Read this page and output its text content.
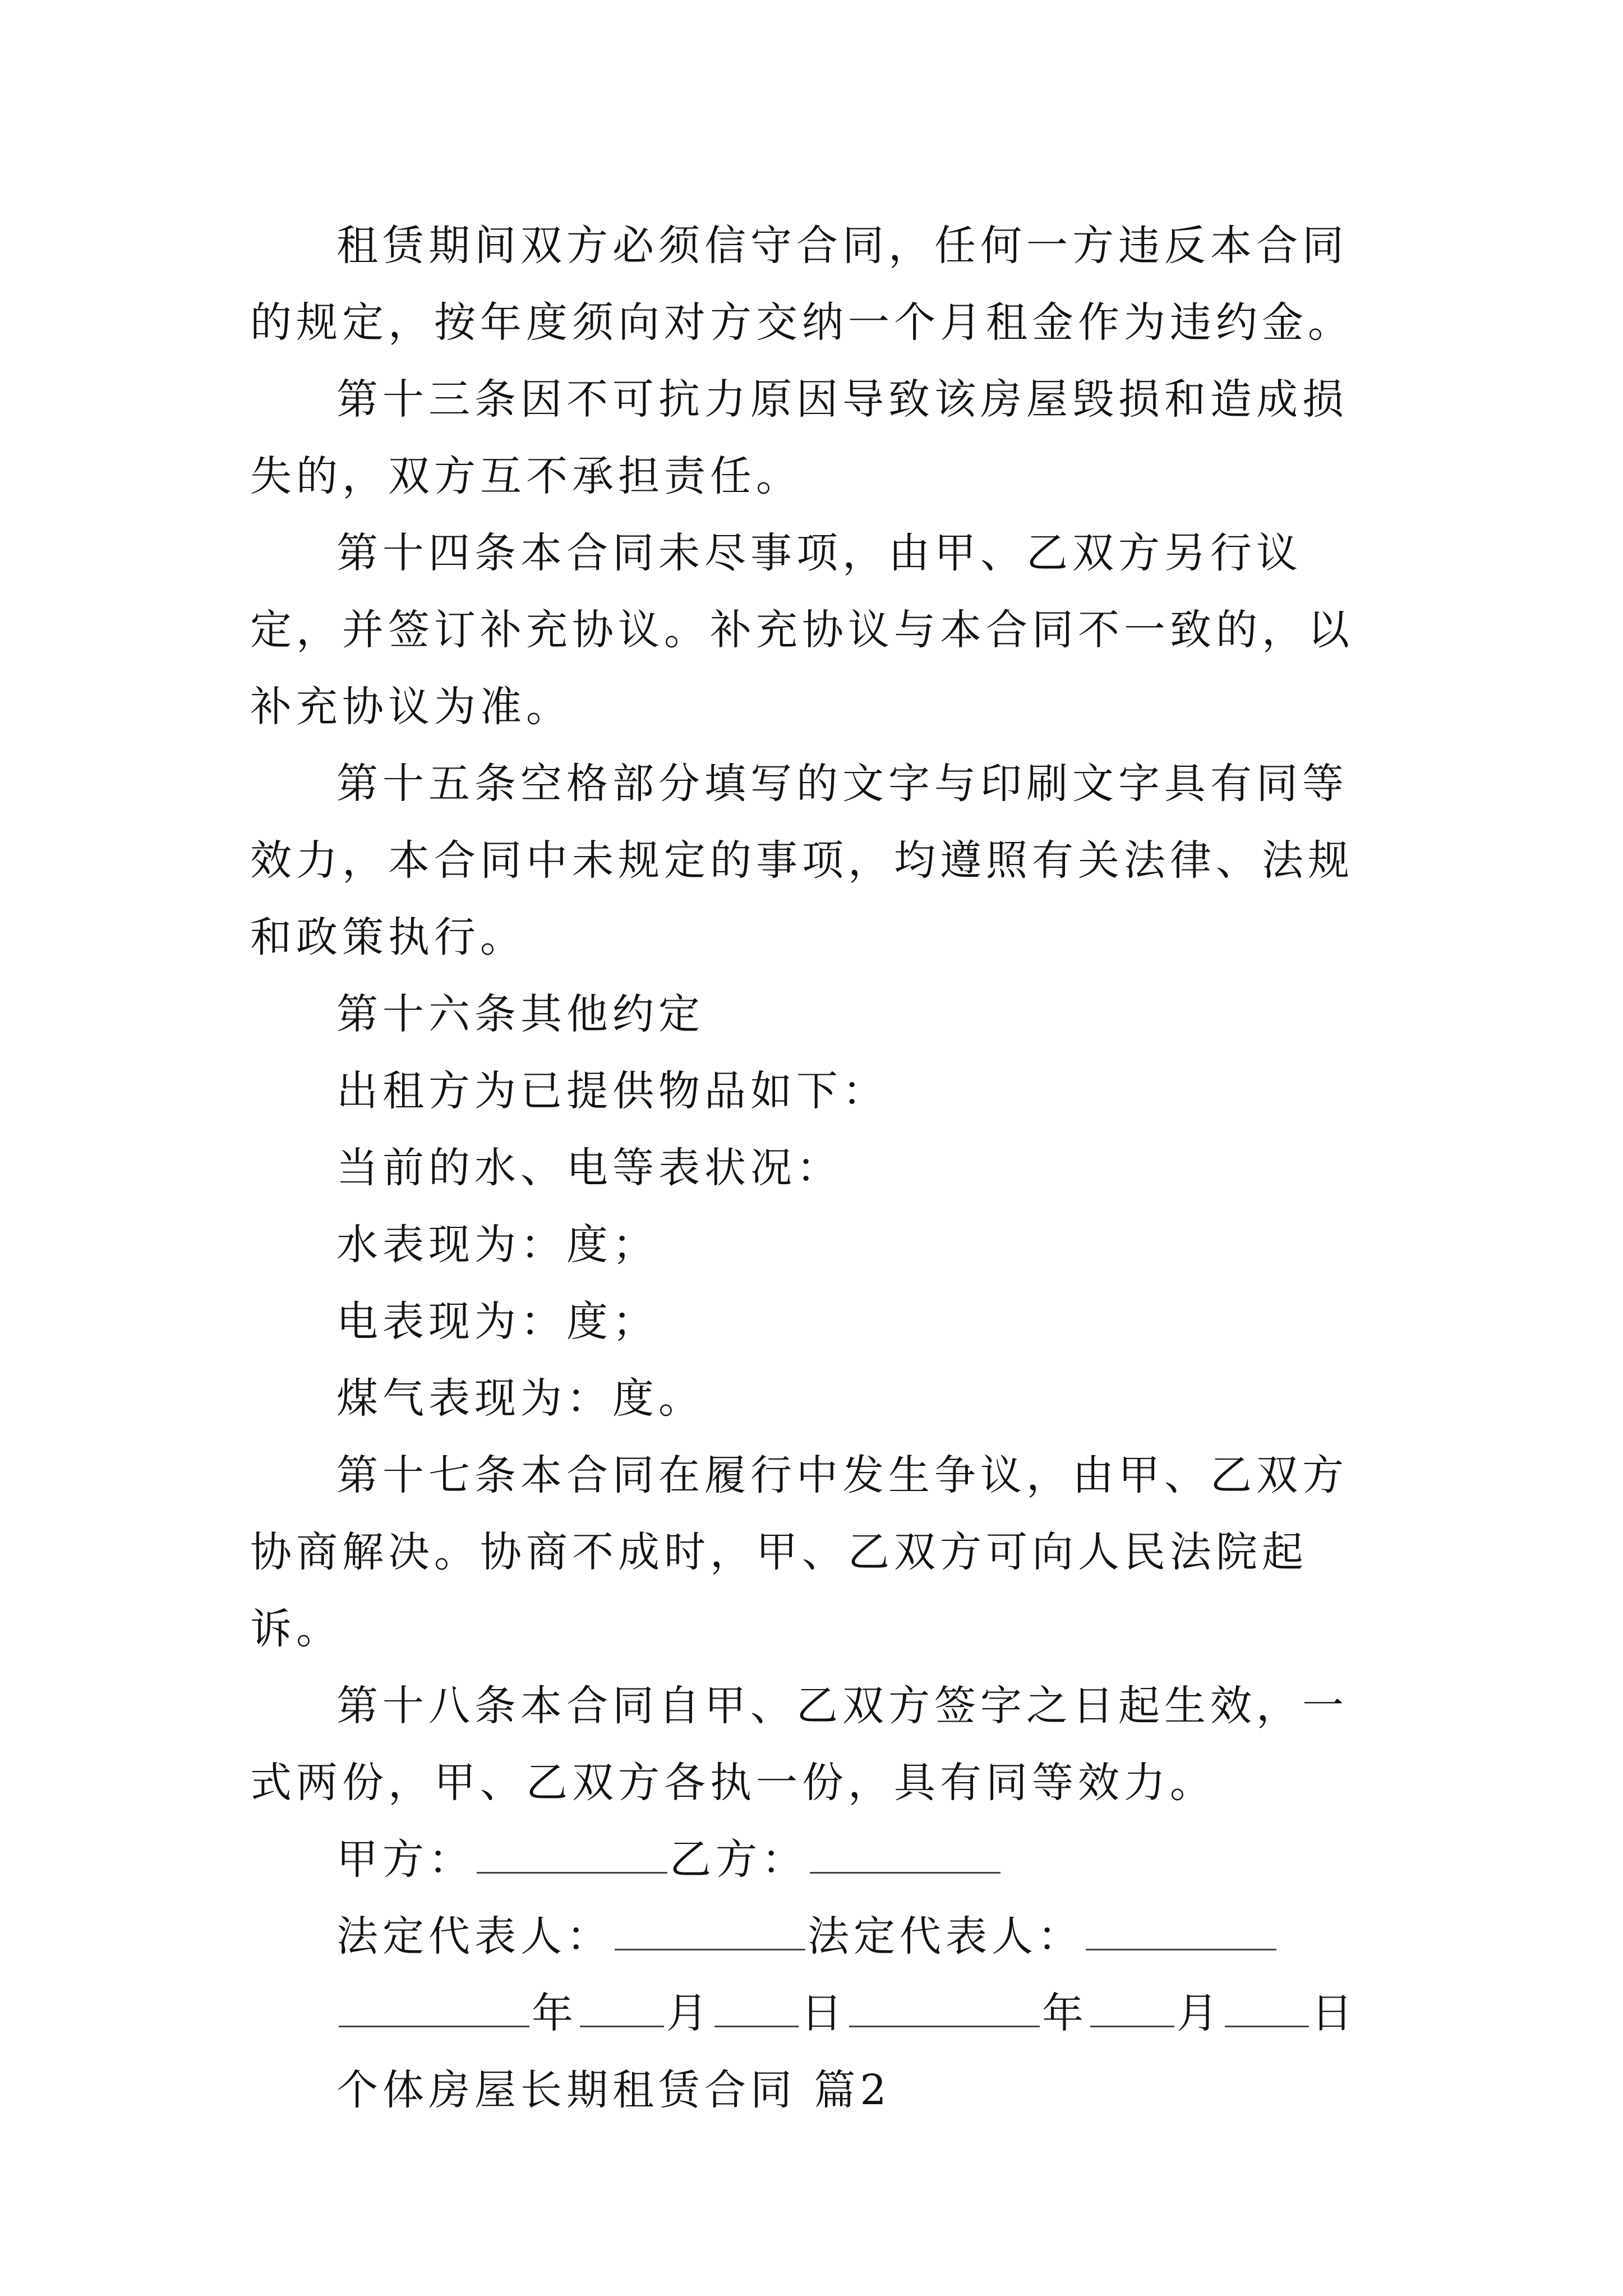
租赁期间双方必须信守合同，任何一方违反本合同的规定，按年度须向对方交纳一个月租金作为违约金。

第十三条因不可抗力原因导致该房屋毁损和造成损失的，双方互不承担责任。

第十四条本合同未尽事项，由甲、乙双方另行议定，并签订补充协议。补充协议与本合同不一致的，以补充协议为准。

第十五条空格部分填写的文字与印刷文字具有同等效力，本合同中未规定的事项，均遵照有关法律、法规和政策执行。

第十六条其他约定

出租方为已提供物品如下：

当前的水、电等表状况：

水表现为：度；

电表现为：度；

煤气表现为：度。

第十七条本合同在履行中发生争议，由甲、乙双方协商解决。协商不成时，甲、乙双方可向人民法院起诉。

第十八条本合同自甲、乙双方签字之日起生效，一式两份，甲、乙双方各执一份，具有同等效力。

甲方：	乙方：

法定代表人：	法定代表人：

年 月 日	年 月 日

个体房屋长期租赁合同 篇2
